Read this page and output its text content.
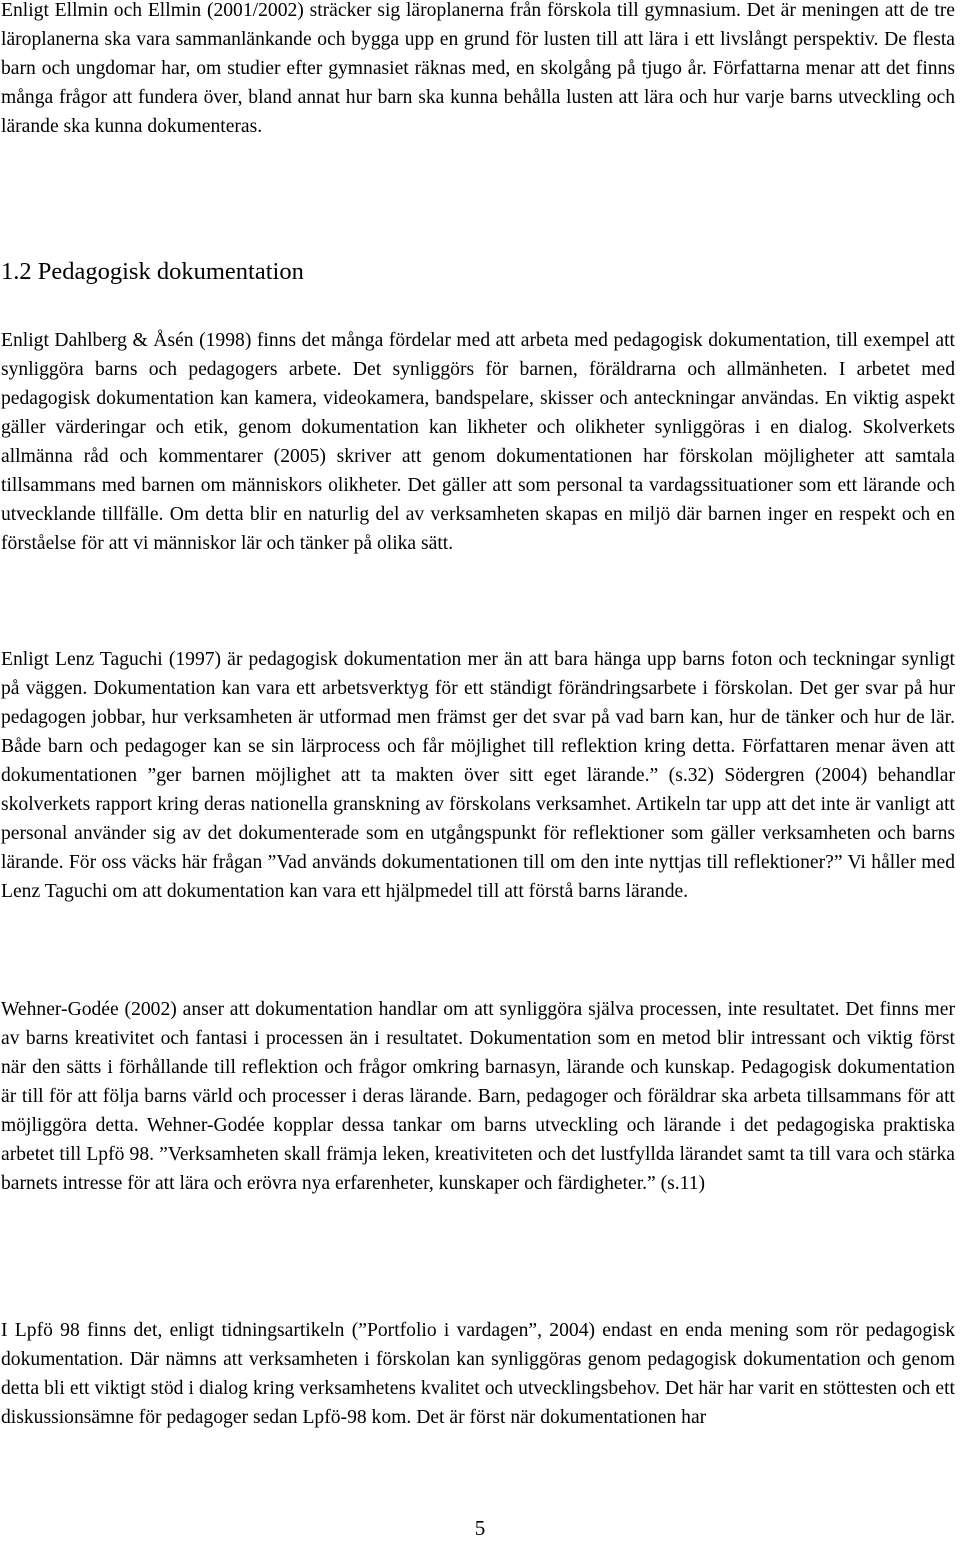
Enligt Ellmin och Ellmin (2001/2002) sträcker sig läroplanerna från förskola till gymnasium. Det är meningen att de tre läroplanerna ska vara sammanlänkande och bygga upp en grund för lusten till att lära i ett livslångt perspektiv. De flesta barn och ungdomar har, om studier efter gymnasiet räknas med, en skolgång på tjugo år. Författarna menar att det finns många frågor att fundera över, bland annat hur barn ska kunna behålla lusten att lära och hur varje barns utveckling och lärande ska kunna dokumenteras.

1.2 Pedagogisk dokumentation

Enligt Dahlberg & Åsén (1998) finns det många fördelar med att arbeta med pedagogisk dokumentation, till exempel att synliggöra barns och pedagogers arbete. Det synliggörs för barnen, föräldrarna och allmänheten. I arbetet med pedagogisk dokumentation kan kamera, videokamera, bandspelare, skisser och anteckningar användas. En viktig aspekt gäller värderingar och etik, genom dokumentation kan likheter och olikheter synliggöras i en dialog. Skolverkets allmänna råd och kommentarer (2005) skriver att genom dokumentationen har förskolan möjligheter att samtala tillsammans med barnen om människors olikheter. Det gäller att som personal ta vardagssituationer som ett lärande och utvecklande tillfälle. Om detta blir en naturlig del av verksamheten skapas en miljö där barnen inger en respekt och en förståelse för att vi människor lär och tänker på olika sätt.

Enligt Lenz Taguchi (1997) är pedagogisk dokumentation mer än att bara hänga upp barns foton och teckningar synligt på väggen. Dokumentation kan vara ett arbetsverktyg för ett ständigt förändringsarbete i förskolan. Det ger svar på hur pedagogen jobbar, hur verksamheten är utformad men främst ger det svar på vad barn kan, hur de tänker och hur de lär. Både barn och pedagoger kan se sin lärprocess och får möjlighet till reflektion kring detta. Författaren menar även att dokumentationen ”ger barnen möjlighet att ta makten över sitt eget lärande.” (s.32) Södergren (2004) behandlar skolverkets rapport kring deras nationella granskning av förskolans verksamhet. Artikeln tar upp att det inte är vanligt att personal använder sig av det dokumenterade som en utgångspunkt för reflektioner som gäller verksamheten och barns lärande. För oss väcks här frågan ”Vad används dokumentationen till om den inte nyttjas till reflektioner?” Vi håller med Lenz Taguchi om att dokumentation kan vara ett hjälpmedel till att förstå barns lärande.

Wehner-Godée (2002) anser att dokumentation handlar om att synliggöra själva processen, inte resultatet. Det finns mer av barns kreativitet och fantasi i processen än i resultatet. Dokumentation som en metod blir intressant och viktig först när den sätts i förhållande till reflektion och frågor omkring barnasyn, lärande och kunskap. Pedagogisk dokumentation är till för att följa barns värld och processer i deras lärande. Barn, pedagoger och föräldrar ska arbeta tillsammans för att möjliggöra detta. Wehner-Godée kopplar dessa tankar om barns utveckling och lärande i det pedagogiska praktiska arbetet till Lpfö 98. ”Verksamheten skall främja leken, kreativiteten och det lustfyllda lärandet samt ta till vara och stärka barnets intresse för att lära och erövra nya erfarenheter, kunskaper och färdigheter.” (s.11)

I Lpfö 98 finns det, enligt tidningsartikeln (”Portfolio i vardagen”, 2004) endast en enda mening som rör pedagogisk dokumentation. Där nämns att verksamheten i förskolan kan synliggöras genom pedagogisk dokumentation och genom detta bli ett viktigt stöd i dialog kring verksamhetens kvalitet och utvecklingsbehov. Det här har varit en stöttesten och ett diskussionsämne för pedagoger sedan Lpfö-98 kom. Det är först när dokumentationen har

5
